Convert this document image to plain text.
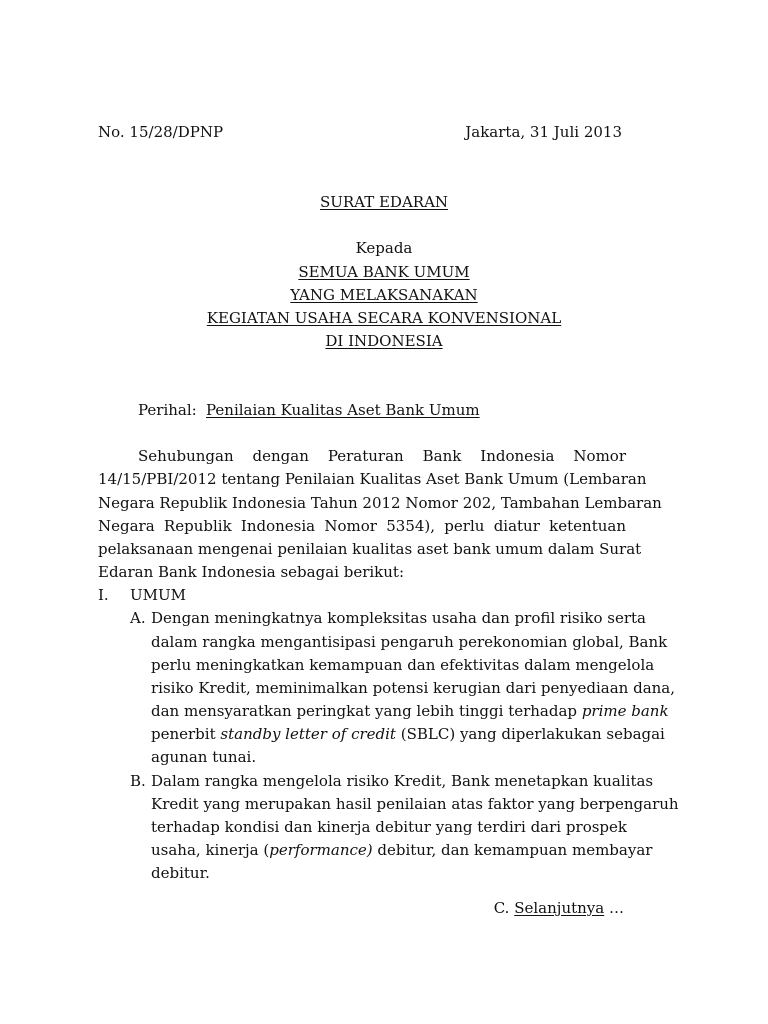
No. 15/28/DPNP	Jakarta, 31 Juli 2013
SURAT EDARAN
Kepada
SEMUA BANK UMUM
YANG MELAKSANAKAN
KEGIATAN USAHA SECARA KONVENSIONAL
DI INDONESIA
Perihal: Penilaian Kualitas Aset Bank Umum
Sehubungan dengan Peraturan Bank Indonesia Nomor
14/15/PBI/2012 tentang Penilaian Kualitas Aset Bank Umum (Lembaran
Negara Republik Indonesia Tahun 2012 Nomor 202, Tambahan Lembaran
Negara Republik Indonesia Nomor 5354), perlu diatur ketentuan
pelaksanaan mengenai penilaian kualitas aset bank umum dalam Surat
Edaran Bank Indonesia sebagai berikut:
I. UMUM
A. Dengan meningkatnya kompleksitas usaha dan profil risiko serta
dalam rangka mengantisipasi pengaruh perekonomian global, Bank
perlu meningkatkan kemampuan dan efektivitas dalam mengelola
risiko Kredit, meminimalkan potensi kerugian dari penyediaan dana,
dan mensyaratkan peringkat yang lebih tinggi terhadap prime bank
penerbit standby letter of credit (SBLC) yang diperlakukan sebagai
agunan tunai.
B. Dalam rangka mengelola risiko Kredit, Bank menetapkan kualitas
Kredit yang merupakan hasil penilaian atas faktor yang berpengaruh
terhadap kondisi dan kinerja debitur yang terdiri dari prospek
usaha, kinerja (performance) debitur, dan kemampuan membayar
debitur.
C. Selanjutnya …
